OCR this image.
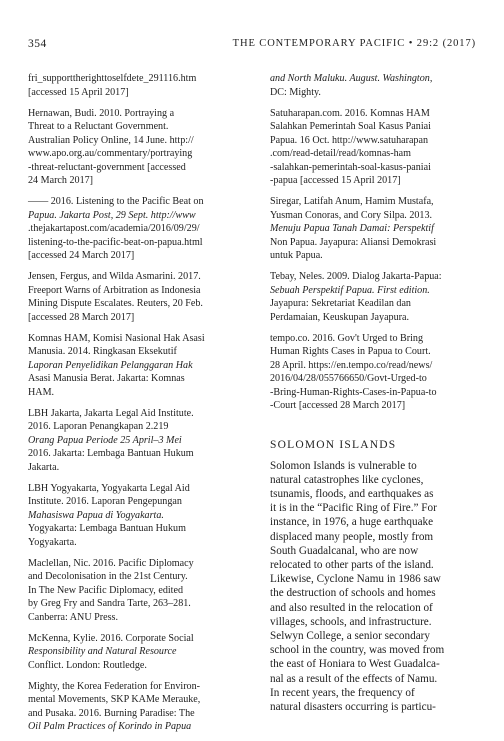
354	THE CONTEMPORARY PACIFIC • 29:2 (2017)
fri_supporttherighttoselfdete_291116.htm
[accessed 15 April 2017]
Hernawan, Budi. 2010. Portraying a
Threat to a Reluctant Government.
Australian Policy Online, 14 June. http://
www.apo.org.au/commentary/portraying
-threat-reluctant-government [accessed
24 March 2017]
—— 2016. Listening to the Pacific Beat on
Papua. Jakarta Post, 29 Sept. http://www
.thejakartapost.com/academia/2016/09/29/
listening-to-the-pacific-beat-on-papua.html
[accessed 24 March 2017]
Jensen, Fergus, and Wilda Asmarini. 2017.
Freeport Warns of Arbitration as Indonesia
Mining Dispute Escalates. Reuters, 20 Feb.
[accessed 28 March 2017]
Komnas HAM, Komisi Nasional Hak Asasi
Manusia. 2014. Ringkasan Eksekutif
Laporan Penyelidikan Pelanggaran Hak
Asasi Manusia Berat. Jakarta: Komnas
HAM.
LBH Jakarta, Jakarta Legal Aid Institute.
2016. Laporan Penangkapan 2.219
Orang Papua Periode 25 April–3 Mei
2016. Jakarta: Lembaga Bantuan Hukum
Jakarta.
LBH Yogyakarta, Yogyakarta Legal Aid
Institute. 2016. Laporan Pengepungan
Mahasiswa Papua di Yogyakarta.
Yogyakarta: Lembaga Bantuan Hukum
Yogyakarta.
Maclellan, Nic. 2016. Pacific Diplomacy
and Decolonisation in the 21st Century.
In The New Pacific Diplomacy, edited
by Greg Fry and Sandra Tarte, 263–281.
Canberra: ANU Press.
McKenna, Kylie. 2016. Corporate Social
Responsibility and Natural Resource
Conflict. London: Routledge.
Mighty, the Korea Federation for Environ-
mental Movements, SKP KAMe Merauke,
and Pusaka. 2016. Burning Paradise: The
Oil Palm Practices of Korindo in Papua
and North Maluku. August. Washington,
DC: Mighty.
Satuharapan.com. 2016. Komnas HAM
Salahkan Pemerintah Soal Kasus Paniai
Papua. 16 Oct. http://www.satuharapan
.com/read-detail/read/komnas-ham
-salahkan-pemerintah-soal-kasus-paniai
-papua [accessed 15 April 2017]
Siregar, Latifah Anum, Hamim Mustafa,
Yusman Conoras, and Cory Silpa. 2013.
Menuju Papua Tanah Damai: Perspektif
Non Papua. Jayapura: Aliansi Demokrasi
untuk Papua.
Tebay, Neles. 2009. Dialog Jakarta-Papua:
Sebuah Perspektif Papua. First edition.
Jayapura: Sekretariat Keadilan dan
Perdamaian, Keuskupan Jayapura.
tempo.co. 2016. Gov't Urged to Bring
Human Rights Cases in Papua to Court.
28 April. https://en.tempo.co/read/news/
2016/04/28/055766650/Govt-Urged-to
-Bring-Human-Rights-Cases-in-Papua-to
-Court [accessed 28 March 2017]
SOLOMON ISLANDS
Solomon Islands is vulnerable to
natural catastrophes like cyclones,
tsunamis, floods, and earthquakes as
it is in the “Pacific Ring of Fire.” For
instance, in 1976, a huge earthquake
displaced many people, mostly from
South Guadalcanal, who are now
relocated to other parts of the island.
Likewise, Cyclone Namu in 1986 saw
the destruction of schools and homes
and also resulted in the relocation of
villages, schools, and infrastructure.
Selwyn College, a senior secondary
school in the country, was moved from
the east of Honiara to West Guadalca-
nal as a result of the effects of Namu.
In recent years, the frequency of
natural disasters occurring is particu-
